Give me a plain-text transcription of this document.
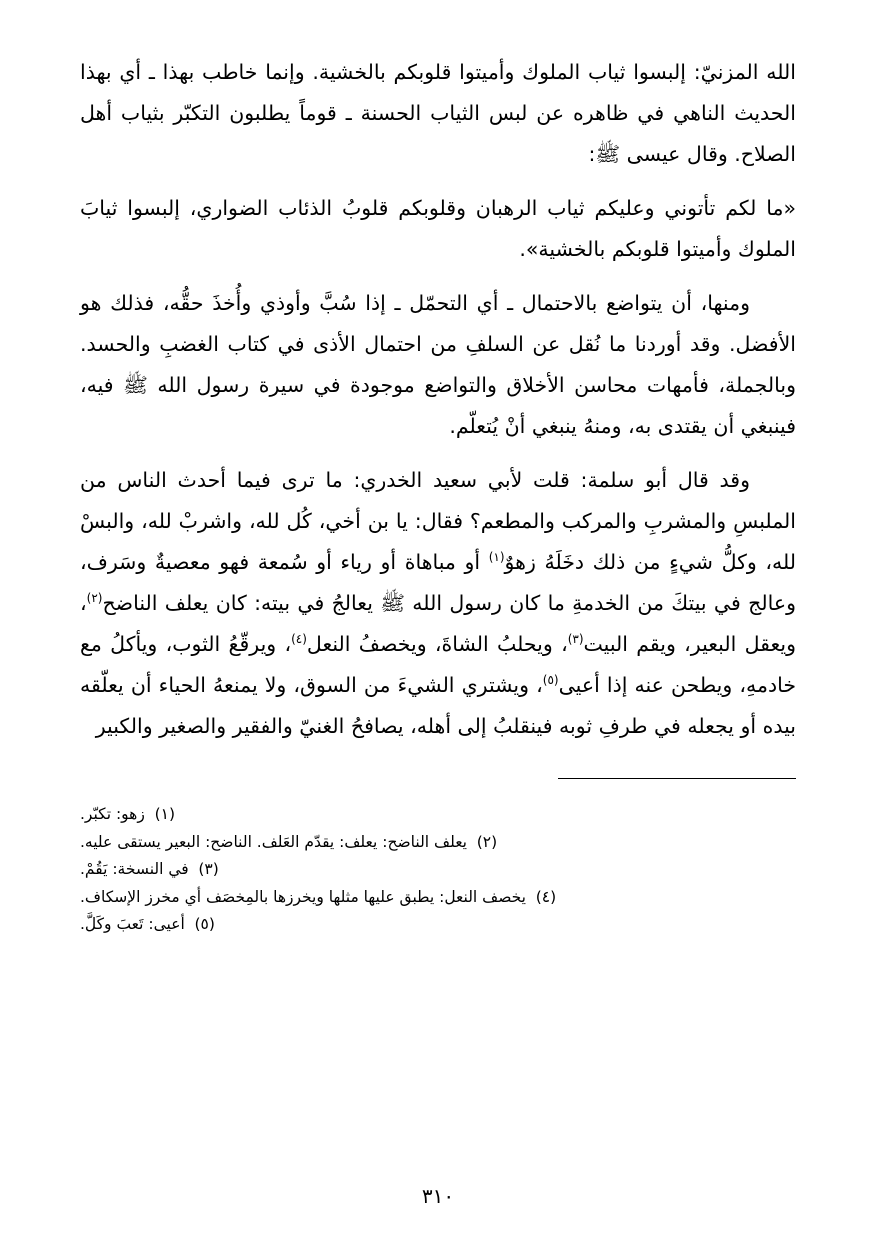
الله المزنيّ: إلبسوا ثياب الملوك وأميتوا قلوبكم بالخشية. وإنما خاطب بهذا ـ أي بهذا الحديث الناهي في ظاهره عن لبس الثياب الحسنة ـ قوماً يطلبون التكبّر بثياب أهل الصلاح. وقال عيسى ﷺ:

«ما لكم تأتوني وعليكم ثياب الرهبان وقلوبكم قلوبُ الذئاب الضواري، إلبسوا ثيابَ الملوك وأميتوا قلوبكم بالخشية».

ومنها، أن يتواضع بالاحتمال ـ أي التحمّل ـ إذا سُبَّ وأوذي وأُخذَ حقُّه، فذلك هو الأفضل. وقد أوردنا ما نُقل عن السلفِ من احتمال الأذى في كتاب الغضبِ والحسد. وبالجملة، فأمهات محاسن الأخلاق والتواضع موجودة في سيرة رسول الله ﷺ فيه، فينبغي أن يقتدى به، ومنهُ ينبغي أنْ يُتعلّم.

وقد قال أبو سلمة: قلت لأبي سعيد الخدري: ما ترى فيما أحدث الناس من الملبسِ والمشربِ والمركب والمطعم؟ فقال: يا بن أخي، كُل لله، واشربْ لله، والبسْ لله، وكلُّ شيءٍ من ذلك دخَلَهُ زهوٌ$^{(١)}$ أو مباهاة أو رياء أو سُمعة فهو معصيةٌ وسَرف، وعالج في بيتكَ من الخدمةِ ما كان رسول الله ﷺ يعالجُ في بيته: كان يعلف الناضح$^{(٢)}$، ويعقل البعير، ويقم البيت$^{(٣)}$، ويحلبُ الشاةَ، ويخصفُ النعل$^{(٤)}$، ويرقّعُ الثوب، ويأكلُ مع خادمهِ، ويطحن عنه إذا أعيى$^{(٥)}$، ويشتري الشيءَ من السوق، ولا يمنعهُ الحياء أن يعلّقه بيده أو يجعله في طرفِ ثوبه فينقلبُ إلى أهله، يصافحُ الغنيّ والفقير والصغير والكبير

(١) زهو: تكبّر.
(٢) يعلف الناضح: يعلف: يقدّم العَلف. الناضح: البعير يستقى عليه.
(٣) في النسخة: يَقُمْ.
(٤) يخصف النعل: يطبق عليها مثلها ويخرزها بالمِخصَف أي مخرز الإسكاف.
(٥) أعيى: تَعبَ وكَلَّ.
٣١٠
